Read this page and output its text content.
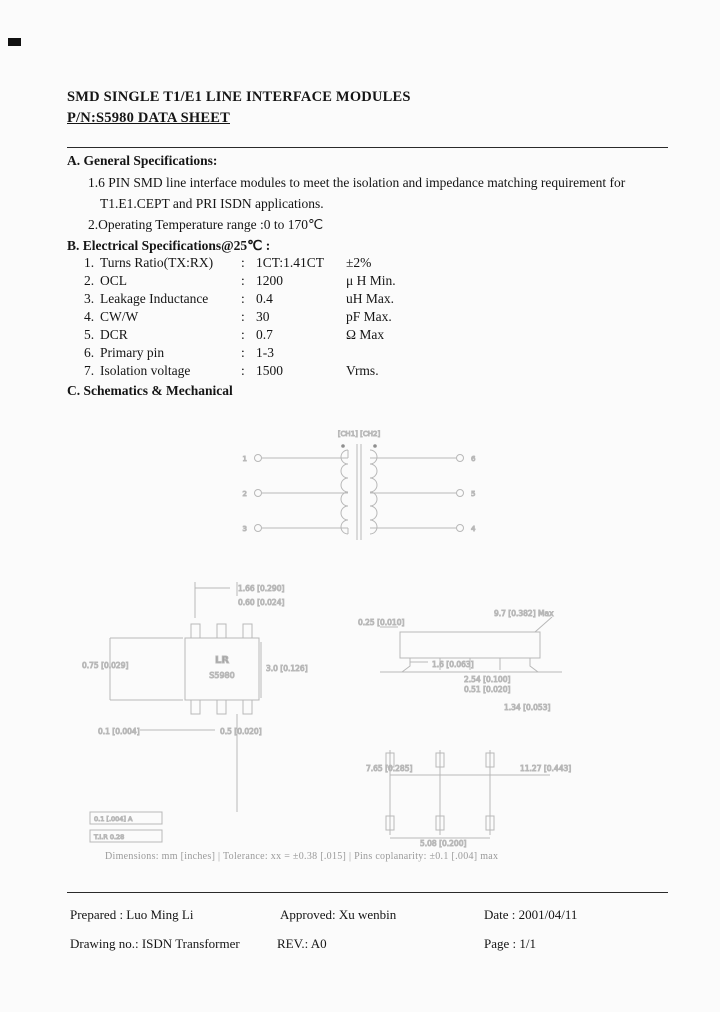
SMD SINGLE T1/E1 LINE INTERFACE MODULES
P/N:S5980 DATA SHEET
A. General Specifications:
1.6 PIN SMD line interface modules to meet the isolation and impedance matching requirement for
T1.E1.CEPT and PRI ISDN applications.
2.Operating Temperature range :0 to 170℃
B. Electrical Specifications@25℃ :
1. Turns Ratio(TX:RX)	: 1CT:1.41CT	±2%
2. OCL	: 1200	μ H Min.
3. Leakage Inductance	: 0.4	uH Max.
4. CW/W	: 30	pF Max.
5. DCR	: 0.7	Ω Max
6. Primary pin	: 1-3
7. Isolation voltage	: 1500	Vrms.
C. Schematics & Mechanical
[CH1] [CH2]
1
2
3
6
5
4
1.66 [0.290]
0.60 [0.024]
0.75 [0.029]	3.0 [0.126]
0.1 [0.004]	0.5 [0.020]
LR
S5980
0.1 [.004] A
T.I.R 0.28
9.7 [0.382] Max
1.6 [0.063]
0.51 [0.020]
2.54 [0.100]
1.34 [0.053]
0.25 [0.010]
7.65 [0.285]	11.27 [0.443]
5.08 [0.200]
Dimensions: mm [inches] | Tolerance: xx = ±0.38 [.015] | Pins coplanarity: ±0.1 [.004] max
Prepared : Luo Ming Li	Approved: Xu wenbin	Date : 2001/04/11
Drawing no.: ISDN Transformer	REV.: A0	Page : 1/1
